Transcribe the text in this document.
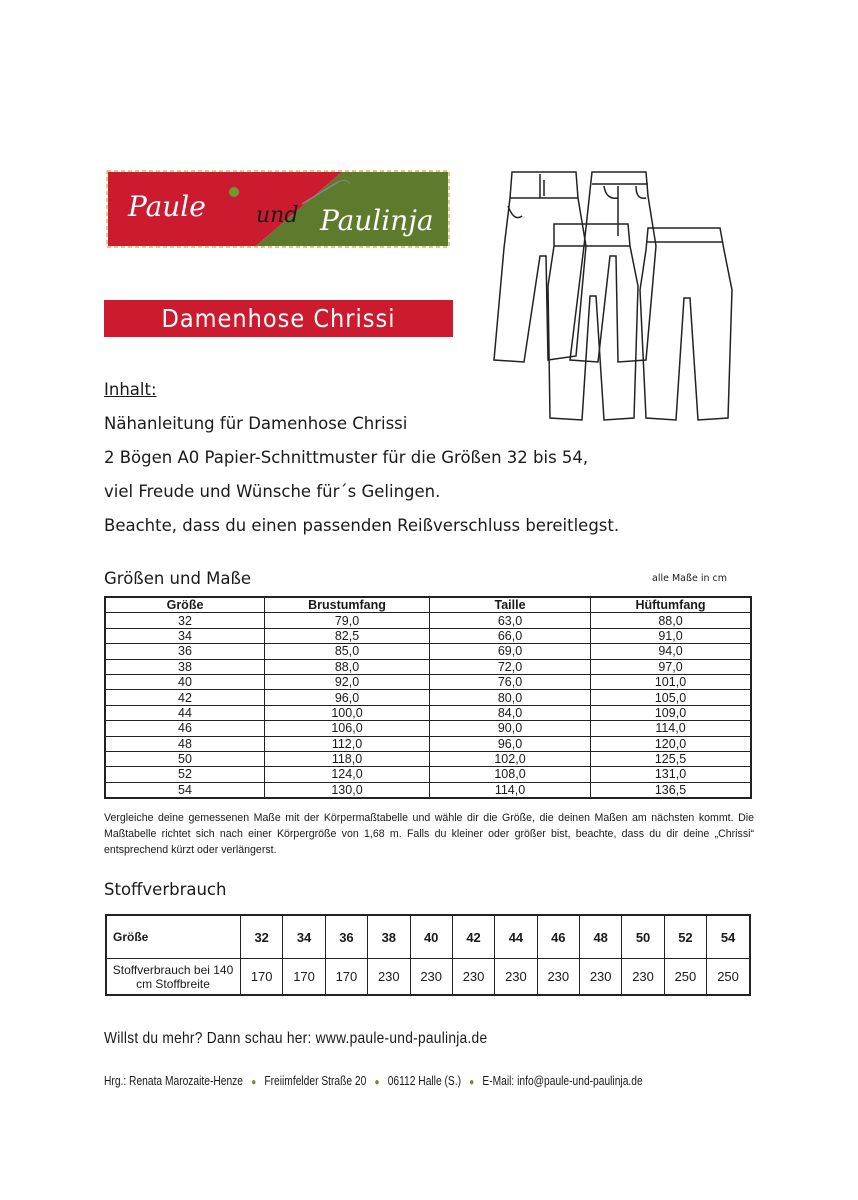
Paule und Paulinja
Damenhose Chrissi
Inhalt:
Nähanleitung für Damenhose Chrissi
2 Bögen A0 Papier-Schnittmuster für die Größen 32 bis 54,
viel Freude und Wünsche für´s Gelingen.
Beachte, dass du einen passenden Reißverschluss bereitlegst.
Größen und Maße	alle Maße in cm
Größe	Brustumfang	Taille	Hüftumfang
32	79,0	63,0	88,0
34	82,5	66,0	91,0
36	85,0	69,0	94,0
38	88,0	72,0	97,0
40	92,0	76,0	101,0
42	96,0	80,0	105,0
44	100,0	84,0	109,0
46	106,0	90,0	114,0
48	112,0	96,0	120,0
50	118,0	102,0	125,5
52	124,0	108,0	131,0
54	130,0	114,0	136,5
Vergleiche deine gemessenen Maße mit der Körpermaßtabelle und wähle dir die Größe, die deinen Maßen am nächsten kommt. Die Maßtabelle richtet sich nach einer Körpergröße von 1,68 m. Falls du kleiner oder größer bist, beachte, dass du dir deine „Chrissi“ entsprechend kürzt oder verlängerst.
Stoffverbrauch
Größe	32	34	36	38	40	42	44	46	48	50	52	54
Stoffverbrauch bei 140 cm Stoffbreite	170	170	170	230	230	230	230	230	230	230	250	250
Willst du mehr? Dann schau her: www.paule-und-paulinja.de
Hrg.: Renata Marozaite-Henze ● Freiimfelder Straße 20 ● 06112 Halle (S.) ● E-Mail: info@paule-und-paulinja.de
